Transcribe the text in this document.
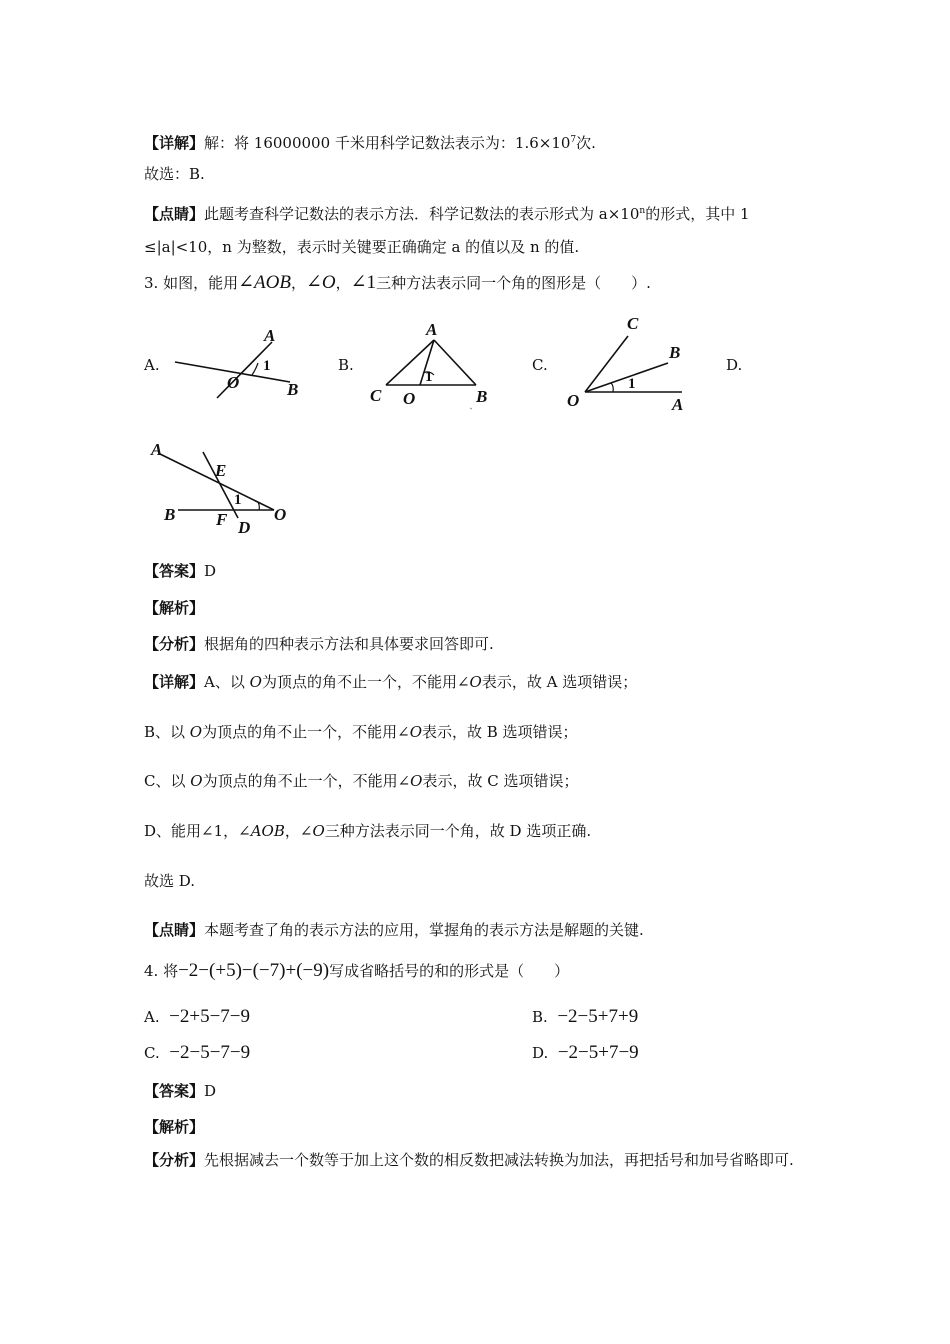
【详解】解：将 16000000 千米用科学记数法表示为：$1.6\times 10^7$次.
故选：B.
【点睛】此题考查科学记数法的表示方法．科学记数法的表示形式为 $a\times 10^n$的形式，其中 1
≤|a|<10，n 为整数，表示时关键要正确确定 a 的值以及 n 的值.
3. 如图，能用∠AOB，∠O，∠1三种方法表示同一个角的图形是（　　）.
A.	B.	C.	D.
A
O	B
1
A
C O	B
1
C
B
O	A
1
A
E
B F D
O
1
【答案】D
【解析】
【分析】根据角的四种表示方法和具体要求回答即可.
【详解】A、以 O为顶点的角不止一个，不能用∠O表示，故 A 选项错误；
B、以 O为顶点的角不止一个，不能用∠O表示，故 B 选项错误；
C、以 O为顶点的角不止一个，不能用∠O表示，故 C 选项错误；
D、能用∠1，∠AOB，∠O三种方法表示同一个角，故 D 选项正确.
故选 D.
【点睛】本题考查了角的表示方法的应用，掌握角的表示方法是解题的关键.
4. 将−2−(+5)−(−7)+(−9)写成省略括号的和的形式是（　　）
A. −2+5−7−9	B. −2−5+7+9
C. −2−5−7−9	D. −2−5+7−9
【答案】D
【解析】
【分析】先根据减去一个数等于加上这个数的相反数把减法转换为加法，再把括号和加号省略即可.
